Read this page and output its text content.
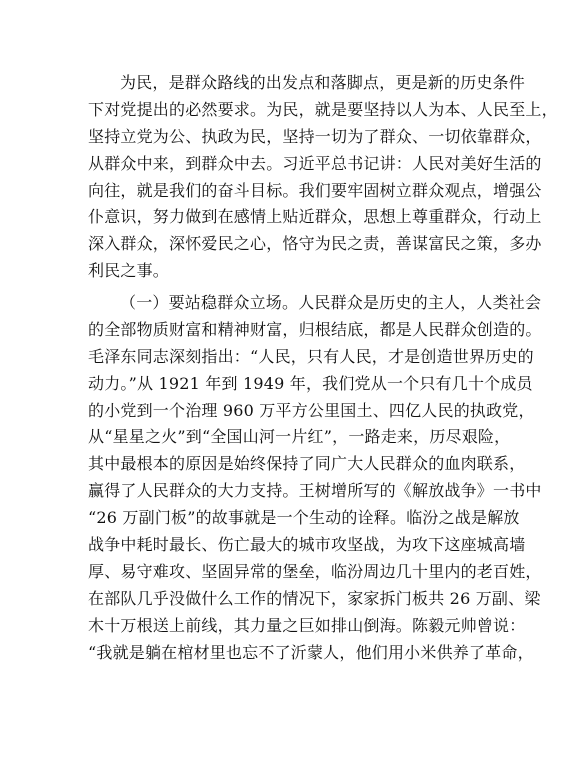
为民，是群众路线的出发点和落脚点，更是新的历史条件
下对党提出的必然要求。为民，就是要坚持以人为本、人民至上，
坚持立党为公、执政为民，坚持一切为了群众、一切依靠群众，
从群众中来，到群众中去。习近平总书记讲：人民对美好生活的
向往，就是我们的奋斗目标。我们要牢固树立群众观点，增强公
仆意识，努力做到在感情上贴近群众，思想上尊重群众，行动上
深入群众，深怀爱民之心，恪守为民之责，善谋富民之策，多办
利民之事。
（一）要站稳群众立场。人民群众是历史的主人，人类社会
的全部物质财富和精神财富，归根结底，都是人民群众创造的。
毛泽东同志深刻指出：“人民，只有人民，才是创造世界历史的
动力。”从 1921 年到 1949 年，我们党从一个只有几十个成员
的小党到一个治理 960 万平方公里国土、四亿人民的执政党，
从“星星之火”到“全国山河一片红”，一路走来，历尽艰险，
其中最根本的原因是始终保持了同广大人民群众的血肉联系，
赢得了人民群众的大力支持。王树增所写的《解放战争》一书中
“26 万副门板”的故事就是一个生动的诠释。临汾之战是解放
战争中耗时最长、伤亡最大的城市攻坚战，为攻下这座城高墙
厚、易守难攻、坚固异常的堡垒，临汾周边几十里内的老百姓，
在部队几乎没做什么工作的情况下，家家拆门板共 26 万副、梁
木十万根送上前线，其力量之巨如排山倒海。陈毅元帅曾说：
“我就是躺在棺材里也忘不了沂蒙人，他们用小米供养了革命，
